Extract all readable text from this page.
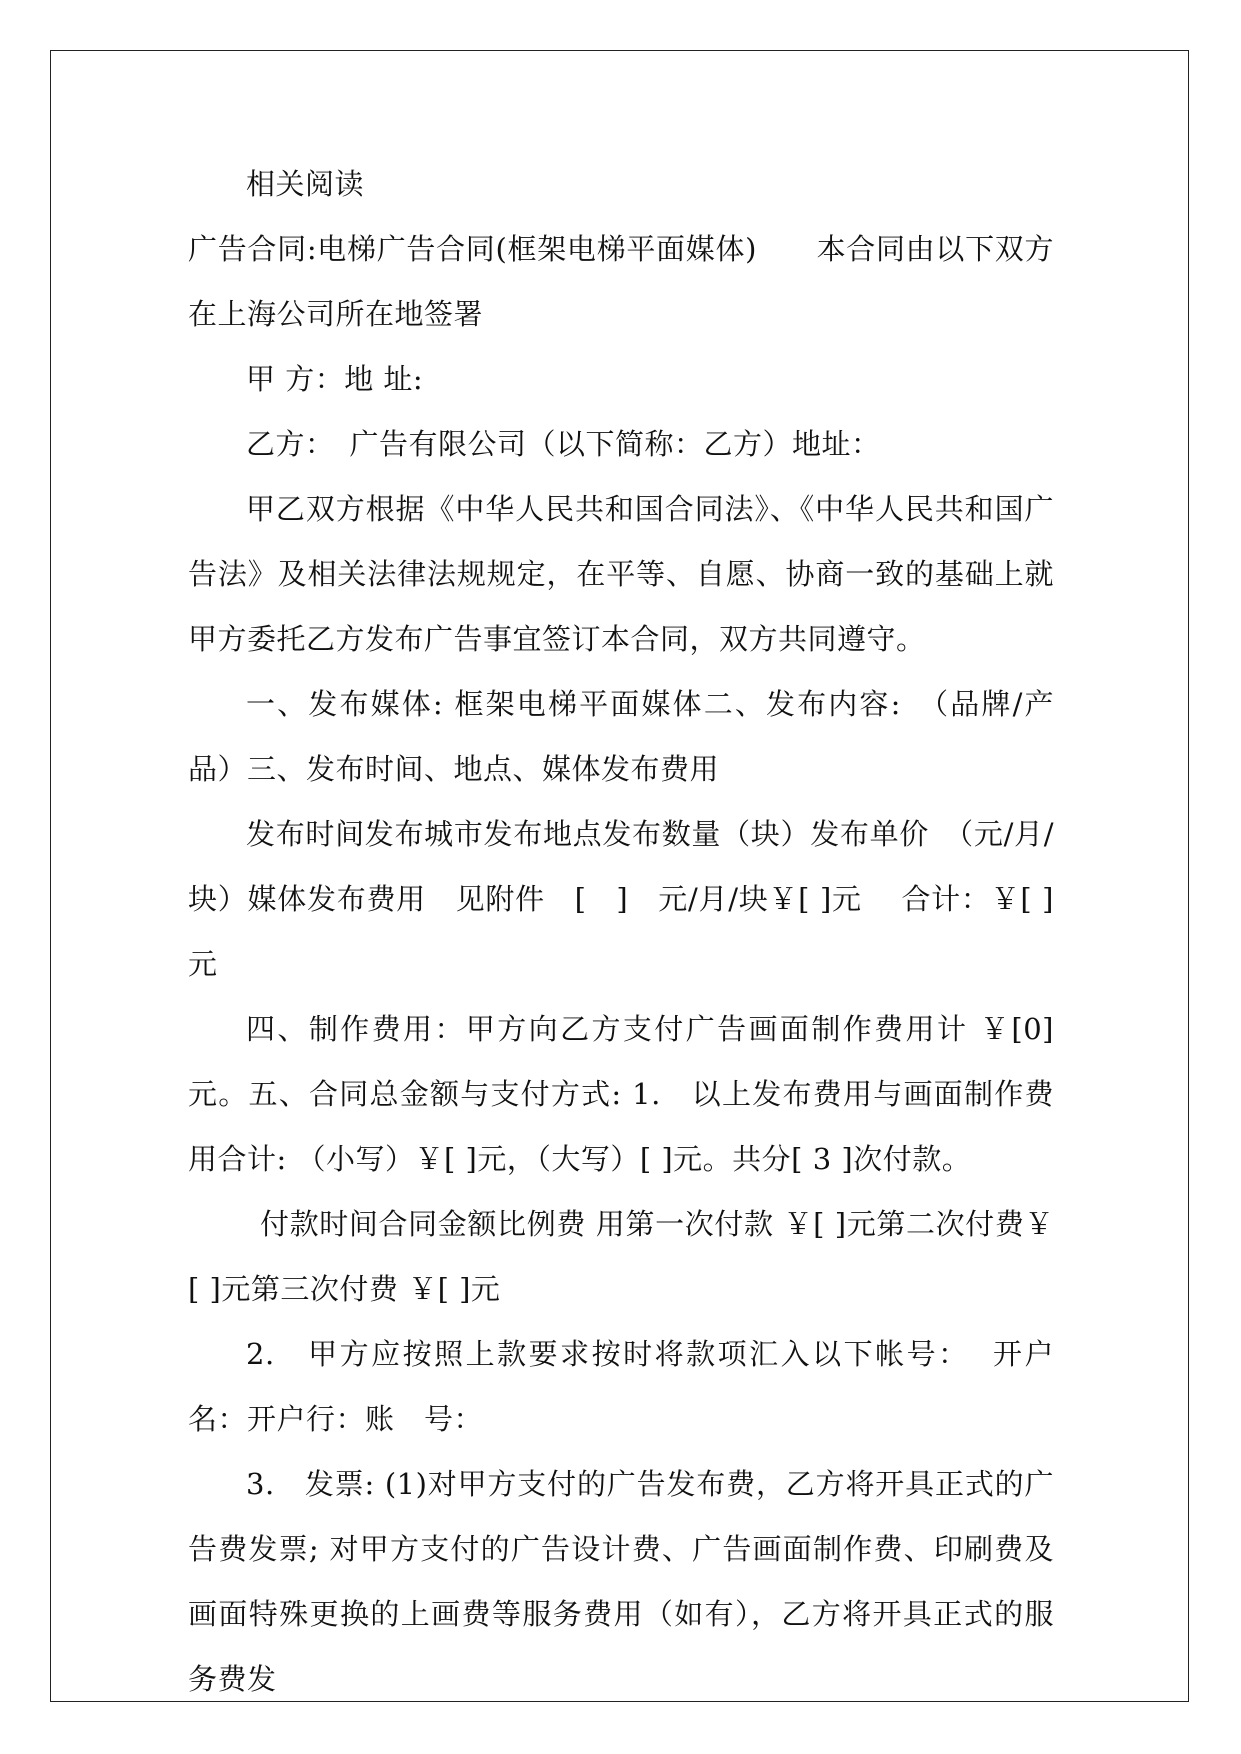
相关阅读

广告合同:电梯广告合同(框架电梯平面媒体)　　本合同由以下双方在上海公司所在地签署

甲 方：地 址:

乙方：　广告有限公司（以下简称：乙方）地址：

甲乙双方根据《中华人民共和国合同法》、《中华人民共和国广告法》及相关法律法规规定，在平等、自愿、协商一致的基础上就甲方委托乙方发布广告事宜签订本合同，双方共同遵守。

一、发布媒体: 框架电梯平面媒体二、发布内容:　（品牌/产品）三、发布时间、地点、媒体发布费用

发布时间发布城市发布地点发布数量（块）发布单价　（元/月/块）媒体发布费用　见附件　[　]　元/月/块￥[ ]元　 合计：￥[ ]元

四、制作费用：甲方向乙方支付广告画面制作费用计 ￥[0]元。五、合同总金额与支付方式: 1.　以上发布费用与画面制作费用合计: （小写）￥[ ]元，（大写）[ ]元。共分[ 3 ]次付款。

付款时间合同金额比例费 用第一次付款 ￥[ ]元第二次付费￥[ ]元第三次付费 ￥[ ]元

2.　甲方应按照上款要求按时将款项汇入以下帐号：  开户名：开户行：账　号：

3.　发票: (1)对甲方支付的广告发布费，乙方将开具正式的广告费发票; 对甲方支付的广告设计费、广告画面制作费、印刷费及画面特殊更换的上画费等服务费用（如有），乙方将开具正式的服务费发
